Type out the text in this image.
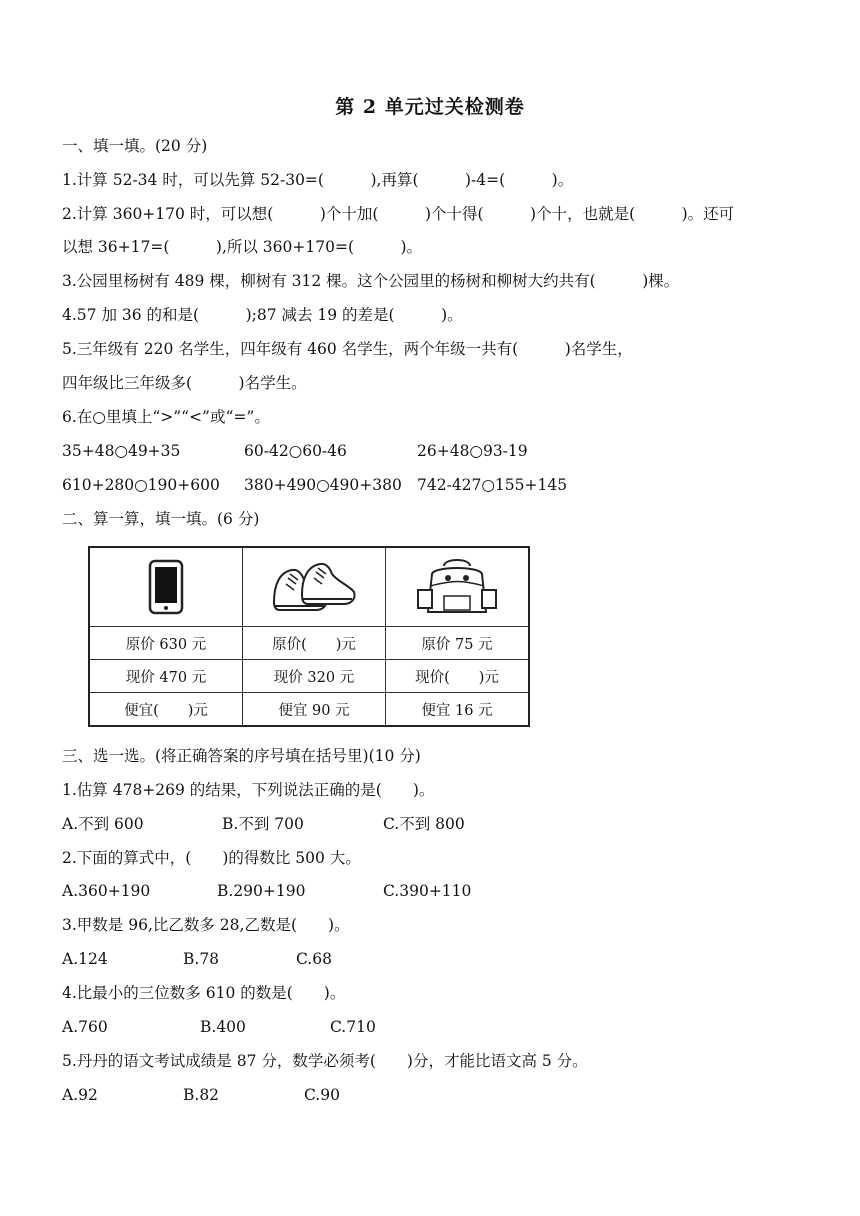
第 2 单元过关检测卷
一、填一填。(20 分)
1.计算 52-34 时，可以先算 52-30=(　　　),再算(　　　)-4=(　　　)。
2.计算 360+170 时，可以想(　　　)个十加(　　　)个十得(　　　)个十，也就是(　　　)。还可
以想 36+17=(　　　),所以 360+170=(　　　)。
3.公园里杨树有 489 棵，柳树有 312 棵。这个公园里的杨树和柳树大约共有(　　　)棵。
4.57 加 36 的和是(　　　);87 减去 19 的差是(　　　)。
5.三年级有 220 名学生，四年级有 460 名学生，两个年级一共有(　　　)名学生，
四年级比三年级多(　　　)名学生。
6.在○里填上“>”“<”或“=”。
35+48○49+35	60-42○60-46	26+48○93-19
610+280○190+600 380+490○490+380 742-427○155+145
二、算一算，填一填。(6 分)

原价 630 元	原价(　　)元	原价 75 元
现价 470 元	现价 320 元	现价(　　)元
便宜(　　)元	便宜 90 元	便宜 16 元
三、选一选。(将正确答案的序号填在括号里)(10 分)
1.估算 478+269 的结果，下列说法正确的是(　　)。
A.不到 600	B.不到 700	C.不到 800
2.下面的算式中，(　　)的得数比 500 大。
A.360+190	B.290+190	C.390+110
3.甲数是 96,比乙数多 28,乙数是(　　)。
A.124	B.78	C.68
4.比最小的三位数多 610 的数是(　　)。
A.760	B.400	C.710
5.丹丹的语文考试成绩是 87 分，数学必须考(　　)分，才能比语文高 5 分。
A.92	B.82	C.90
